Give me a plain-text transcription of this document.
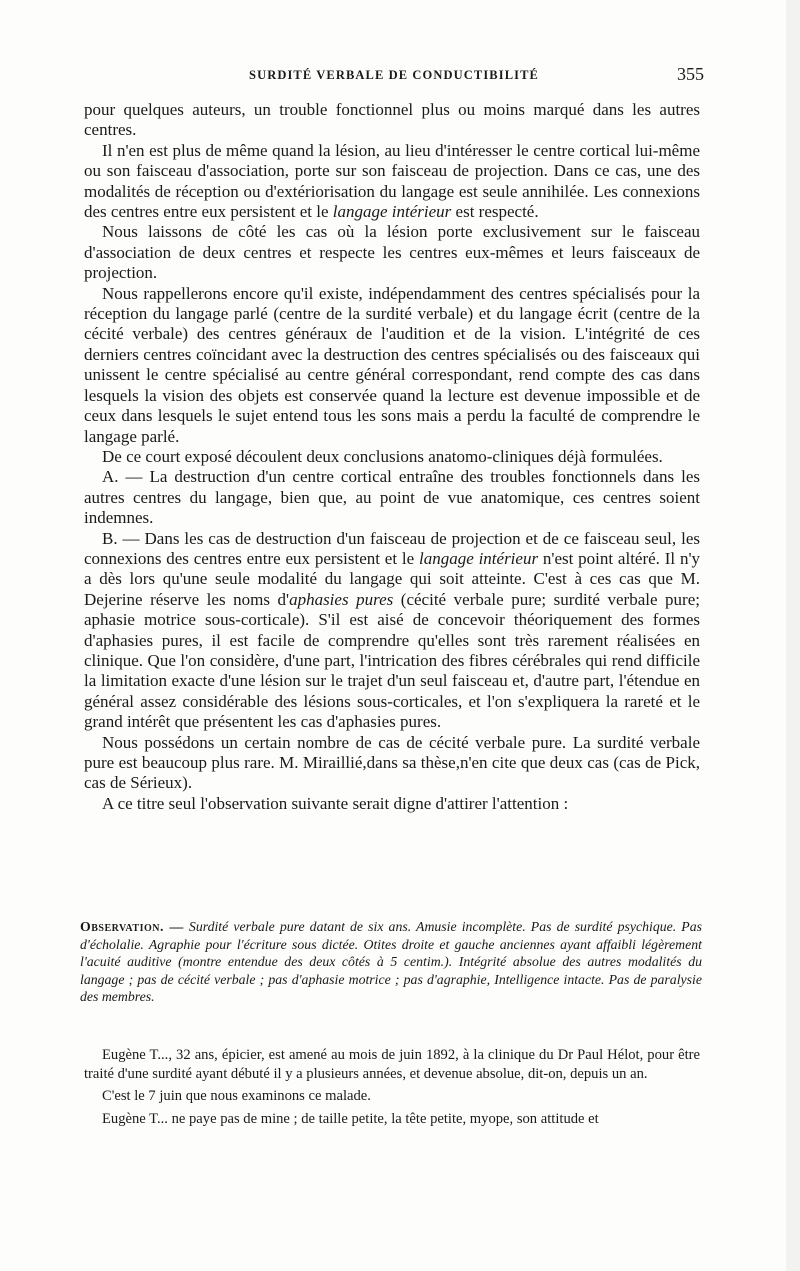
SURDITÉ VERBALE DE CONDUCTIBILITÉ	355

pour quelques auteurs, un trouble fonctionnel plus ou moins marqué dans les autres centres.

Il n'en est plus de même quand la lésion, au lieu d'intéresser le centre cortical lui-même ou son faisceau d'association, porte sur son faisceau de projection. Dans ce cas, une des modalités de réception ou d'extériorisation du langage est seule annihilée. Les connexions des centres entre eux persistent et le langage intérieur est respecté.

Nous laissons de côté les cas où la lésion porte exclusivement sur le faisceau d'association de deux centres et respecte les centres eux-mêmes et leurs faisceaux de projection.

Nous rappellerons encore qu'il existe, indépendamment des centres spécialisés pour la réception du langage parlé (centre de la surdité verbale) et du langage écrit (centre de la cécité verbale) des centres généraux de l'audition et de la vision. L'intégrité de ces derniers centres coïncidant avec la destruction des centres spécialisés ou des faisceaux qui unissent le centre spécialisé au centre général correspondant, rend compte des cas dans lesquels la vision des objets est conservée quand la lecture est devenue impossible et de ceux dans lesquels le sujet entend tous les sons mais a perdu la faculté de comprendre le langage parlé.

De ce court exposé découlent deux conclusions anatomo-cliniques déjà formulées.

A. — La destruction d'un centre cortical entraîne des troubles fonctionnels dans les autres centres du langage, bien que, au point de vue anatomique, ces centres soient indemnes.

B. — Dans les cas de destruction d'un faisceau de projection et de ce faisceau seul, les connexions des centres entre eux persistent et le langage intérieur n'est point altéré. Il n'y a dès lors qu'une seule modalité du langage qui soit atteinte. C'est à ces cas que M. Dejerine réserve les noms d'aphasies pures (cécité verbale pure; surdité verbale pure; aphasie motrice sous-corticale). S'il est aisé de concevoir théoriquement des formes d'aphasies pures, il est facile de comprendre qu'elles sont très rarement réalisées en clinique. Que l'on considère, d'une part, l'intrication des fibres cérébrales qui rend difficile la limitation exacte d'une lésion sur le trajet d'un seul faisceau et, d'autre part, l'étendue en général assez considérable des lésions sous-corticales, et l'on s'expliquera la rareté et le grand intérêt que présentent les cas d'aphasies pures.

Nous possédons un certain nombre de cas de cécité verbale pure. La surdité verbale pure est beaucoup plus rare. M. Miraillié,dans sa thèse,n'en cite que deux cas (cas de Pick, cas de Sérieux).

A ce titre seul l'observation suivante serait digne d'attirer l'attention :

Observation. — Surdité verbale pure datant de six ans. Amusie incomplète. Pas de surdité psychique. Pas d'écholalie. Agraphie pour l'écriture sous dictée. Otites droite et gauche anciennes ayant affaibli légèrement l'acuité auditive (montre entendue des deux côtés à 5 centim.). Intégrité absolue des autres modalités du langage ; pas de cécité verbale ; pas d'aphasie motrice ; pas d'agraphie, Intelligence intacte. Pas de paralysie des membres.

Eugène T..., 32 ans, épicier, est amené au mois de juin 1892, à la clinique du Dr Paul Hélot, pour être traité d'une surdité ayant débuté il y a plusieurs années, et devenue absolue, dit-on, depuis un an.

C'est le 7 juin que nous examinons ce malade.

Eugène T... ne paye pas de mine ; de taille petite, la tête petite, myope, son attitude et
